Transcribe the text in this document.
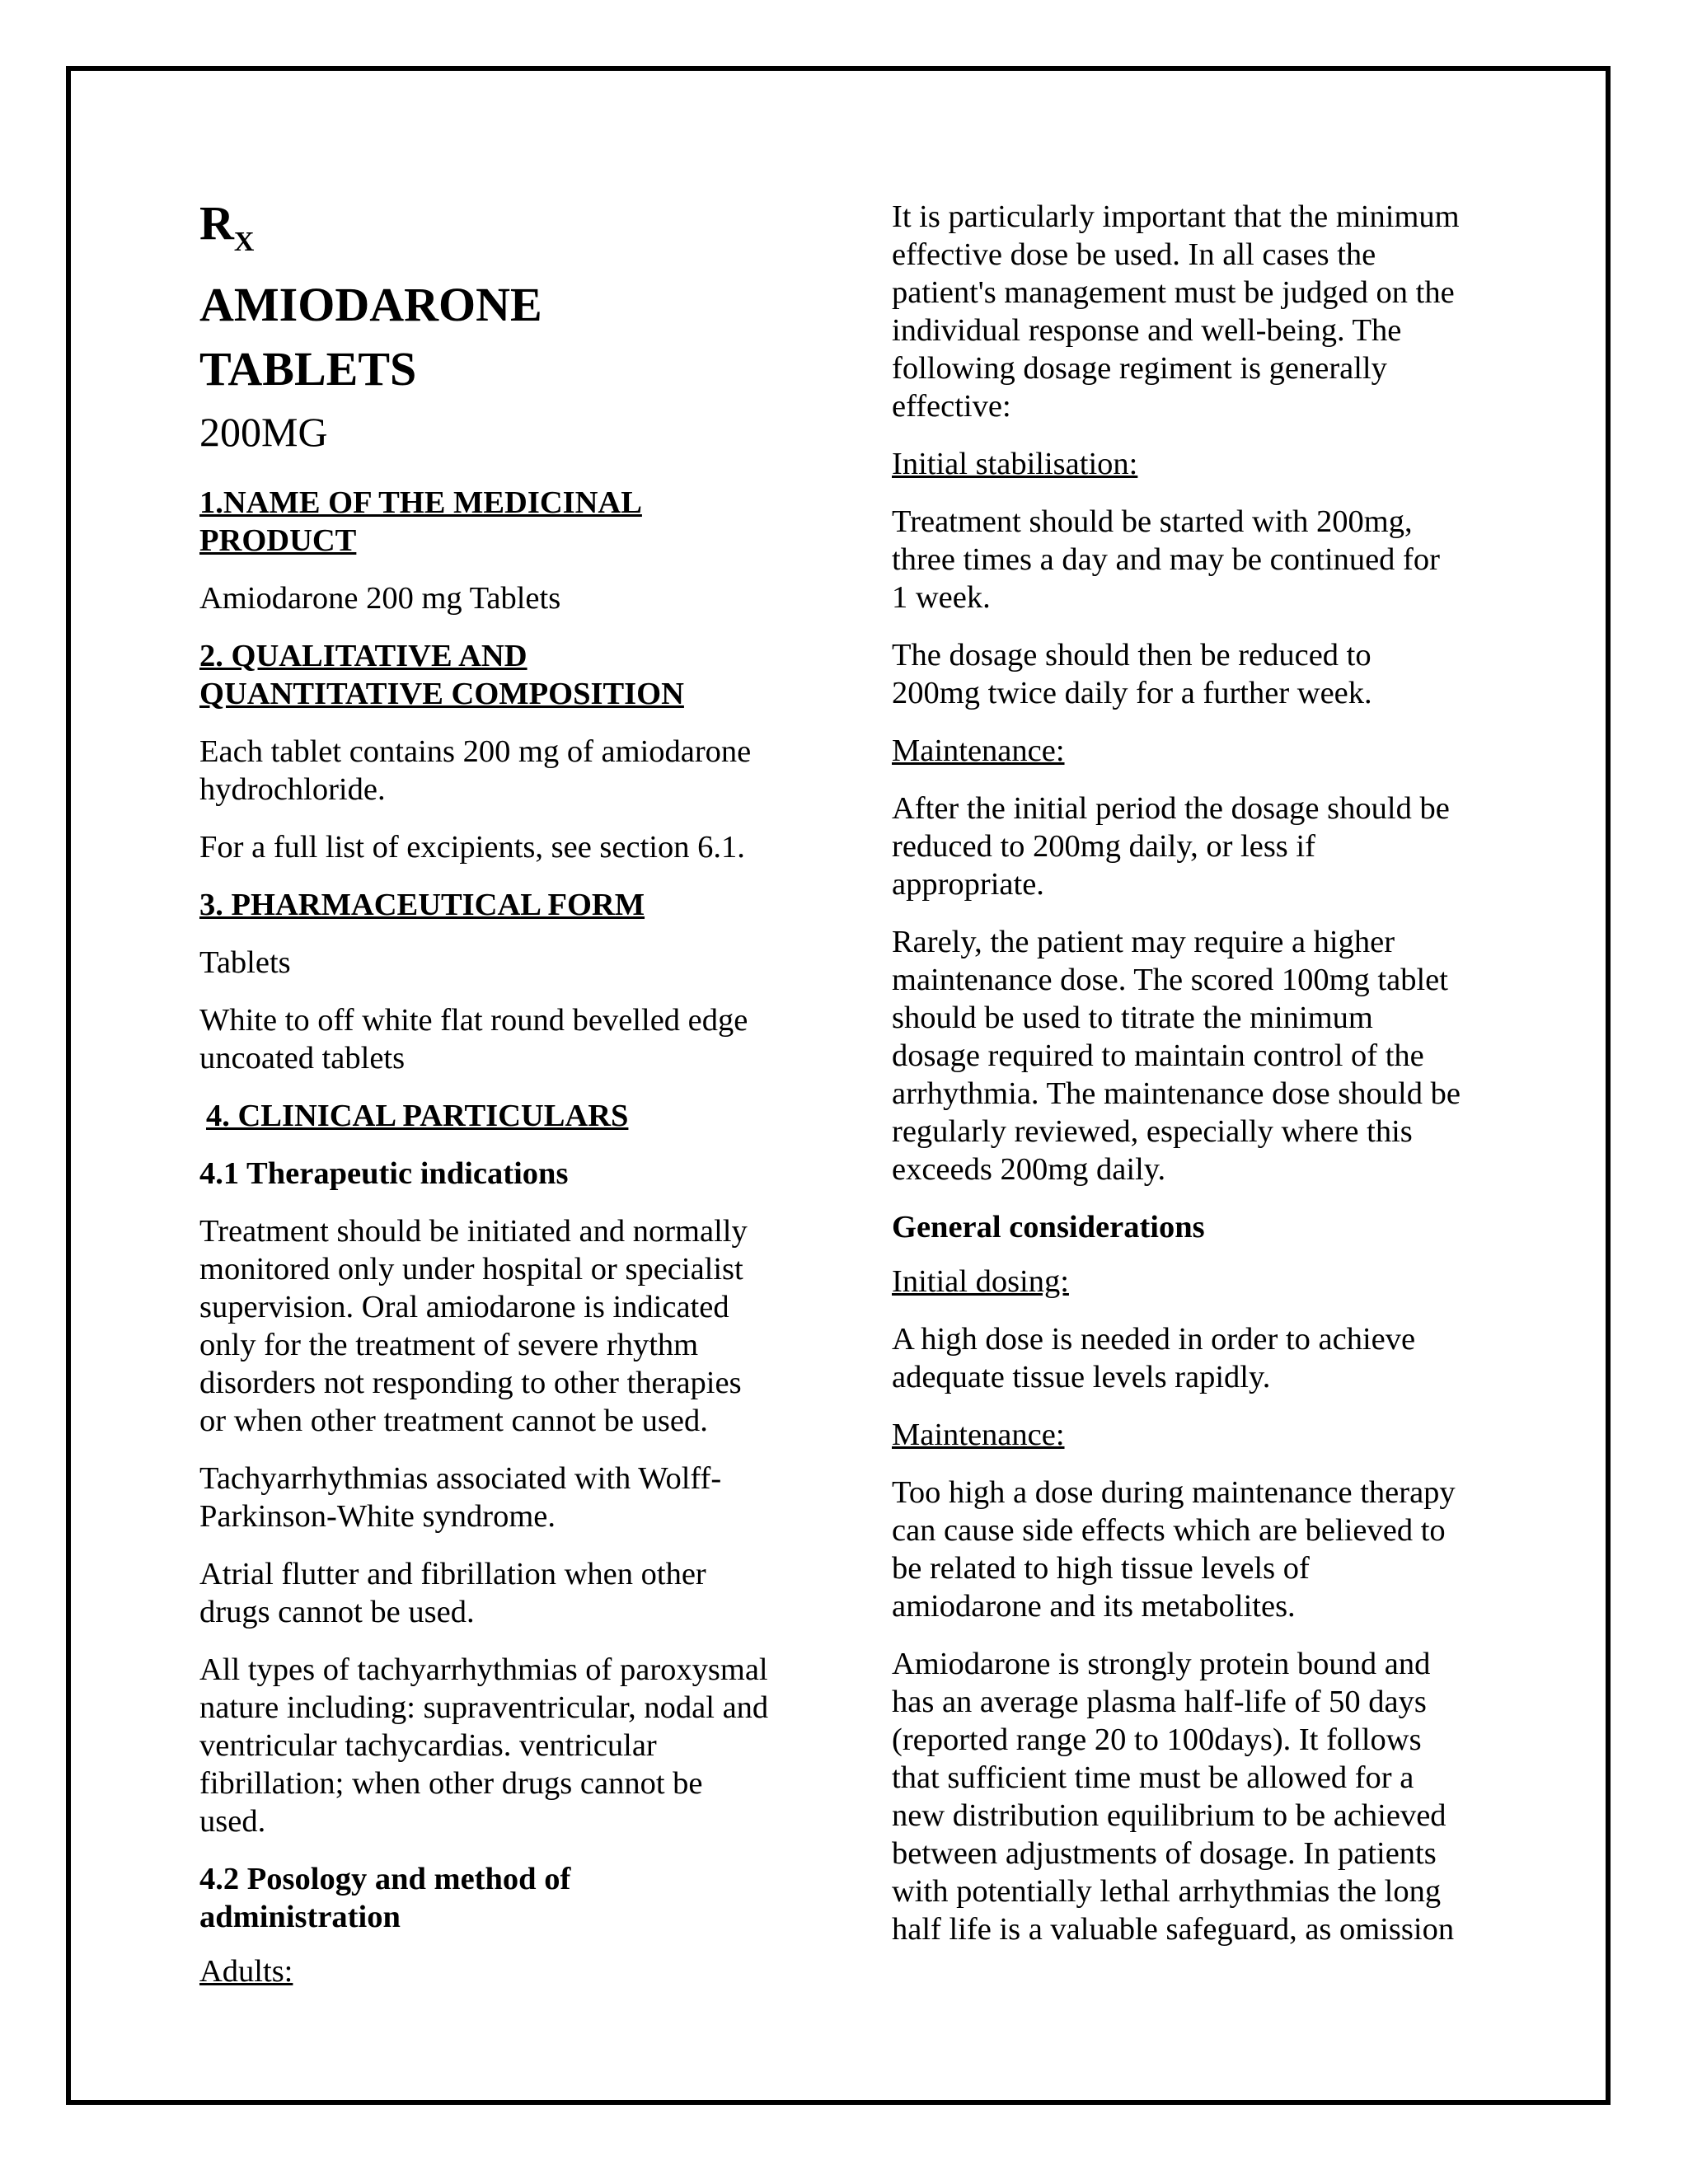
$R_X$
AMIODARONE
TABLETS
200MG

1.NAME OF THE MEDICINAL
PRODUCT

Amiodarone 200 mg Tablets

2. QUALITATIVE AND
QUANTITATIVE COMPOSITION

Each tablet contains 200 mg of amiodarone
hydrochloride.

For a full list of excipients, see section 6.1.

3. PHARMACEUTICAL FORM

Tablets

White to off white flat round bevelled edge
uncoated tablets

4. CLINICAL PARTICULARS

4.1 Therapeutic indications

Treatment should be initiated and normally
monitored only under hospital or specialist
supervision. Oral amiodarone is indicated
only for the treatment of severe rhythm
disorders not responding to other therapies
or when other treatment cannot be used.

Tachyarrhythmias associated with Wolff-
Parkinson-White syndrome.

Atrial flutter and fibrillation when other
drugs cannot be used.

All types of tachyarrhythmias of paroxysmal
nature including: supraventricular, nodal and
ventricular tachycardias. ventricular
fibrillation; when other drugs cannot be
used.

4.2 Posology and method of
administration

Adults:

It is particularly important that the minimum
effective dose be used. In all cases the
patient's management must be judged on the
individual response and well-being. The
following dosage regiment is generally
effective:

Initial stabilisation:

Treatment should be started with 200mg,
three times a day and may be continued for
1 week.

The dosage should then be reduced to
200mg twice daily for a further week.

Maintenance:

After the initial period the dosage should be
reduced to 200mg daily, or less if
appropriate.

Rarely, the patient may require a higher
maintenance dose. The scored 100mg tablet
should be used to titrate the minimum
dosage required to maintain control of the
arrhythmia. The maintenance dose should be
regularly reviewed, especially where this
exceeds 200mg daily.

General considerations

Initial dosing:

A high dose is needed in order to achieve
adequate tissue levels rapidly.

Maintenance:

Too high a dose during maintenance therapy
can cause side effects which are believed to
be related to high tissue levels of
amiodarone and its metabolites.

Amiodarone is strongly protein bound and
has an average plasma half-life of 50 days
(reported range 20 to 100days). It follows
that sufficient time must be allowed for a
new distribution equilibrium to be achieved
between adjustments of dosage. In patients
with potentially lethal arrhythmias the long
half life is a valuable safeguard, as omission
